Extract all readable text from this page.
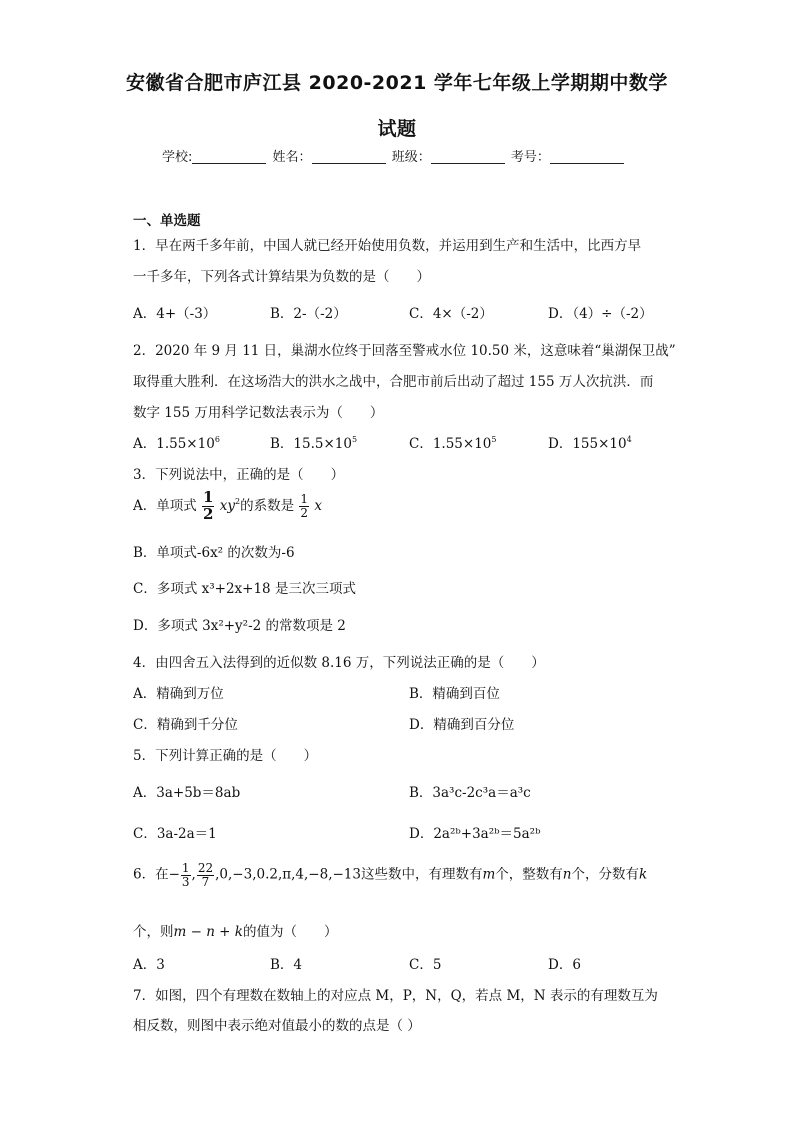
安徽省合肥市庐江县 2020-2021 学年七年级上学期期中数学
试题
学校:	姓名：	班级：	考号：
一、单选题
1．早在两千多年前，中国人就已经开始使用负数，并运用到生产和生活中，比西方早
一千多年，下列各式计算结果为负数的是（　　）
A．4+（-3）	B．2-（-2）	C．4×（-2）	D．（4）÷（-2）
2．2020 年 9 月 11 日，巢湖水位终于回落至警戒水位 10.50 米，这意味着“巢湖保卫战”
取得重大胜利．在这场浩大的洪水之战中，合肥市前后出动了超过 155 万人次抗洪．而
数字 155 万用科学记数法表示为（　　）
A．$1.55\times 10^6$	B．$15.5\times 10^5$	C．$1.55\times 10^5$	D．$155\times 10^4$
3．下列说法中，正确的是（　　）
A．单项式 $\frac{1}{2} xy^2$的系数是 $\frac{1}{2}$ x
B．单项式-6x² 的次数为-6
C．多项式 x³+2x+18 是三次三项式
D．多项式 3x²+y²-2 的常数项是 2
4．由四舍五入法得到的近似数 8.16 万，下列说法正确的是（　　）
A．精确到万位	B．精确到百位
C．精确到千分位	D．精确到百分位
5．下列计算正确的是（　　）
A．3a+5b＝8ab	B．3a³c-2c³a＝a³c
C．3a-2a＝1	D．2a²ᵇ+3a²ᵇ＝5a²ᵇ
6．在− $\frac{1}{3}$ , $\frac{22}{7} ,0,-3,0.2,\pi,4,-8,-13$这些数中，有理数有m个，整数有n个，分数有k
个，则m − n + k的值为（　　）
A．3	B．4	C．5	D．6
7．如图，四个有理数在数轴上的对应点 M，P，N，Q，若点 M，N 表示的有理数互为
相反数，则图中表示绝对值最小的数的点是（ ）
